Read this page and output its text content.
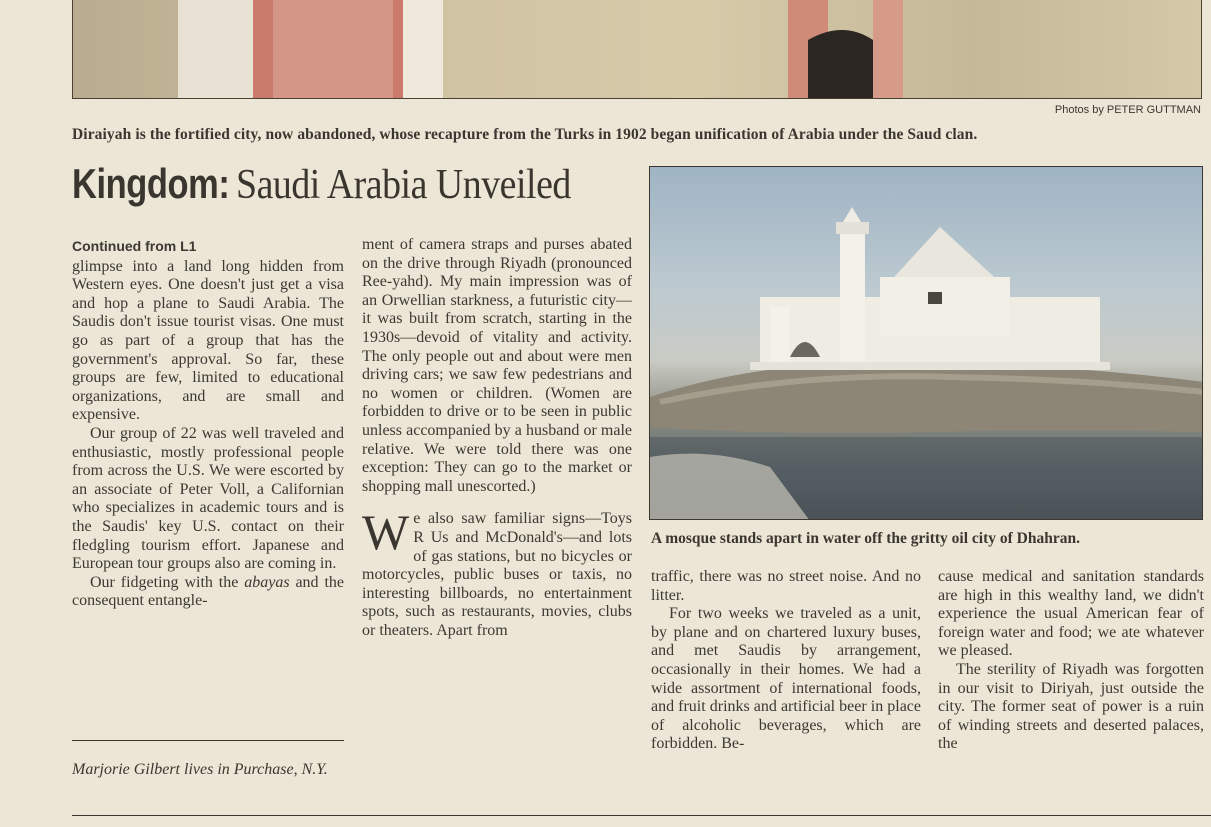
Photos by PETER GUTTMAN
Diraiyah is the fortified city, now abandoned, whose recapture from the Turks in 1902 began unification of Arabia under the Saud clan.
Kingdom: Saudi Arabia Unveiled
Continued from L1

glimpse into a land long hidden from Western eyes. One doesn't just get a visa and hop a plane to Saudi Arabia. The Saudis don't issue tourist visas. One must go as part of a group that has the government's approval. So far, these groups are few, limited to educational organizations, and are small and expensive.

Our group of 22 was well traveled and enthusiastic, mostly professional people from across the U.S. We were escorted by an associate of Peter Voll, a Californian who specializes in academic tours and is the Saudis' key U.S. contact on their fledgling tourism effort. Japanese and European tour groups also are coming in.

Our fidgeting with the abayas and the consequent entangle-

Marjorie Gilbert lives in Purchase, N.Y.

ment of camera straps and purses abated on the drive through Riyadh (pronounced Ree-yahd). My main impression was of an Orwellian starkness, a futuristic city—it was built from scratch, starting in the 1930s—devoid of vitality and activity. The only people out and about were men driving cars; we saw few pedestrians and no women or children. (Women are forbidden to drive or to be seen in public unless accompanied by a husband or male relative. We were told there was one exception: They can go to the market or shopping mall unescorted.)

We also saw familiar signs—Toys R Us and McDonald's—and lots of gas stations, but no bicycles or motorcycles, public buses or taxis, no interesting billboards, no entertainment spots, such as restaurants, movies, clubs or theaters. Apart from

A mosque stands apart in water off the gritty oil city of Dhahran.

traffic, there was no street noise. And no litter.

For two weeks we traveled as a unit, by plane and on chartered luxury buses, and met Saudis by arrangement, occasionally in their homes. We had a wide assortment of international foods, and fruit drinks and artificial beer in place of alcoholic beverages, which are forbidden. Be-

cause medical and sanitation standards are high in this wealthy land, we didn't experience the usual American fear of foreign water and food; we ate whatever we pleased.

The sterility of Riyadh was forgotten in our visit to Diriyah, just outside the city. The former seat of power is a ruin of winding streets and deserted palaces, the
